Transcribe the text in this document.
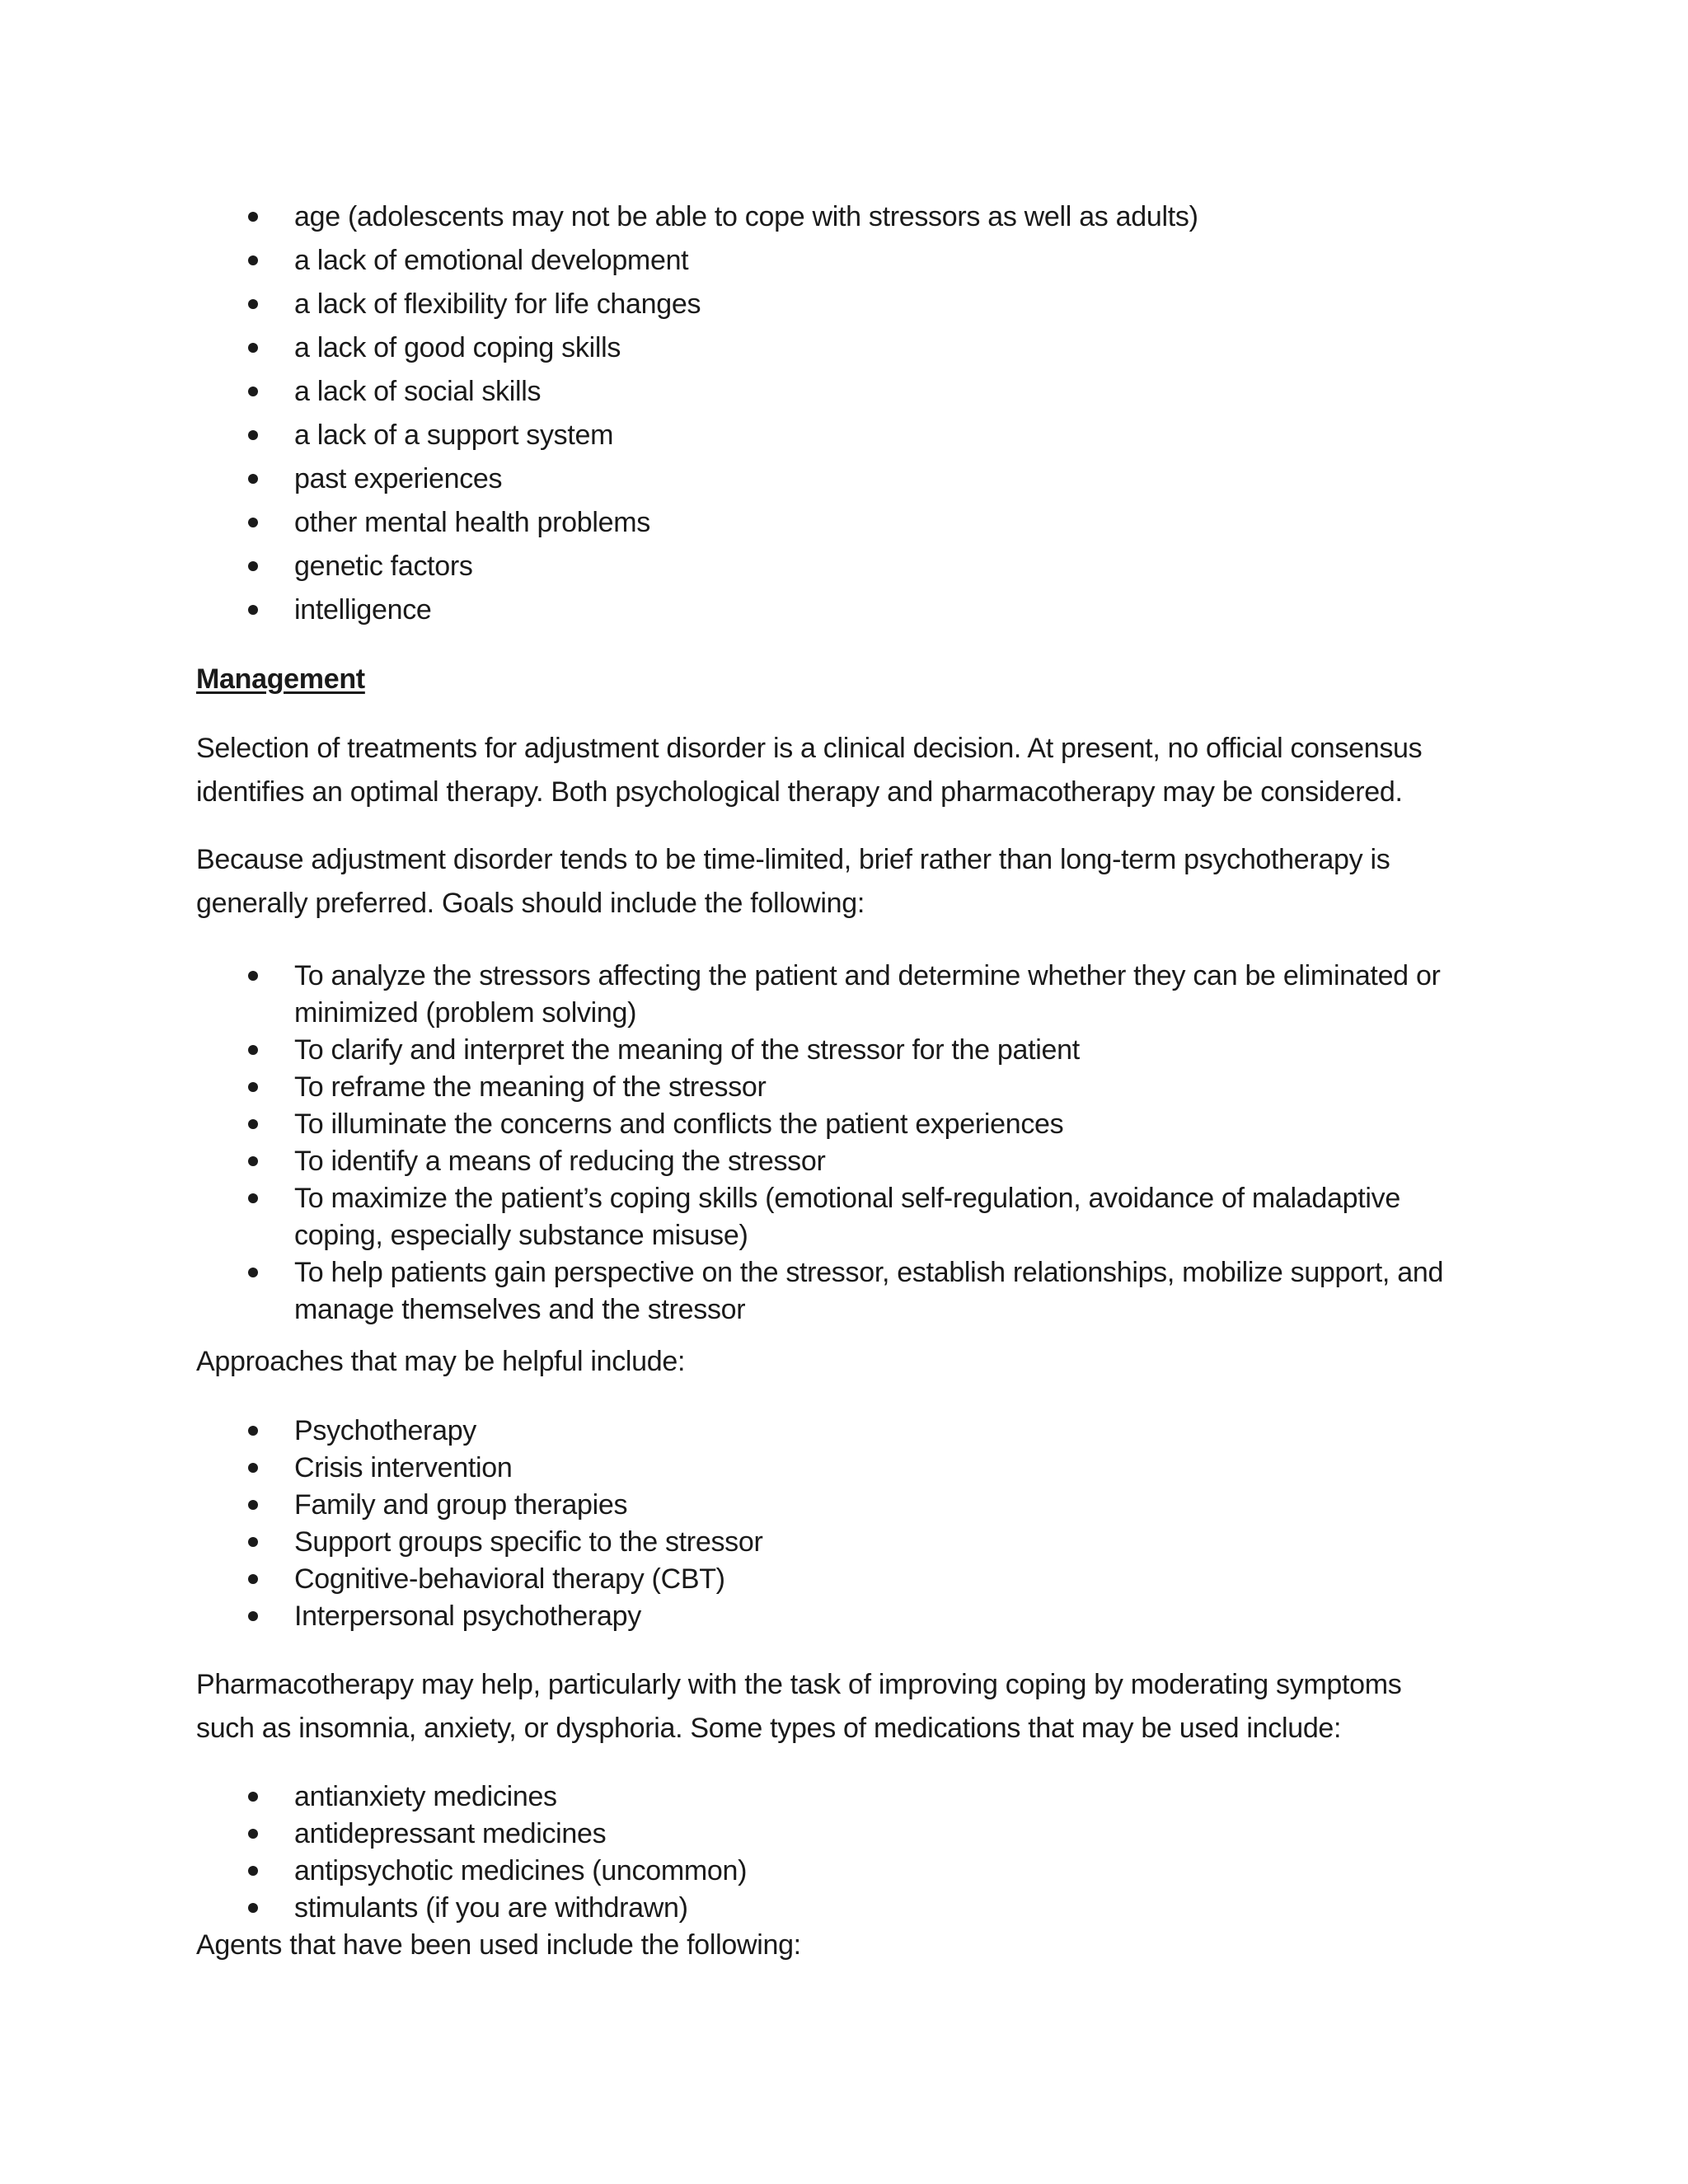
age (adolescents may not be able to cope with stressors as well as adults)
a lack of emotional development
a lack of flexibility for life changes
a lack of good coping skills
a lack of social skills
a lack of a support system
past experiences
other mental health problems
genetic factors
intelligence
Management
Selection of treatments for adjustment disorder is a clinical decision. At present, no official consensus
identifies an optimal therapy. Both psychological therapy and pharmacotherapy may be considered.
Because adjustment disorder tends to be time-limited, brief rather than long-term psychotherapy is
generally preferred. Goals should include the following:
To analyze the stressors affecting the patient and determine whether they can be eliminated or
minimized (problem solving)
To clarify and interpret the meaning of the stressor for the patient
To reframe the meaning of the stressor
To illuminate the concerns and conflicts the patient experiences
To identify a means of reducing the stressor
To maximize the patient’s coping skills (emotional self-regulation, avoidance of maladaptive
coping, especially substance misuse)
To help patients gain perspective on the stressor, establish relationships, mobilize support, and
manage themselves and the stressor
Approaches that may be helpful include:
Psychotherapy
Crisis intervention
Family and group therapies
Support groups specific to the stressor
Cognitive-behavioral therapy (CBT)
Interpersonal psychotherapy
Pharmacotherapy may help, particularly with the task of improving coping by moderating symptoms
such as insomnia, anxiety, or dysphoria. Some types of medications that may be used include:
antianxiety medicines
antidepressant medicines
antipsychotic medicines (uncommon)
stimulants (if you are withdrawn)
Agents that have been used include the following:
